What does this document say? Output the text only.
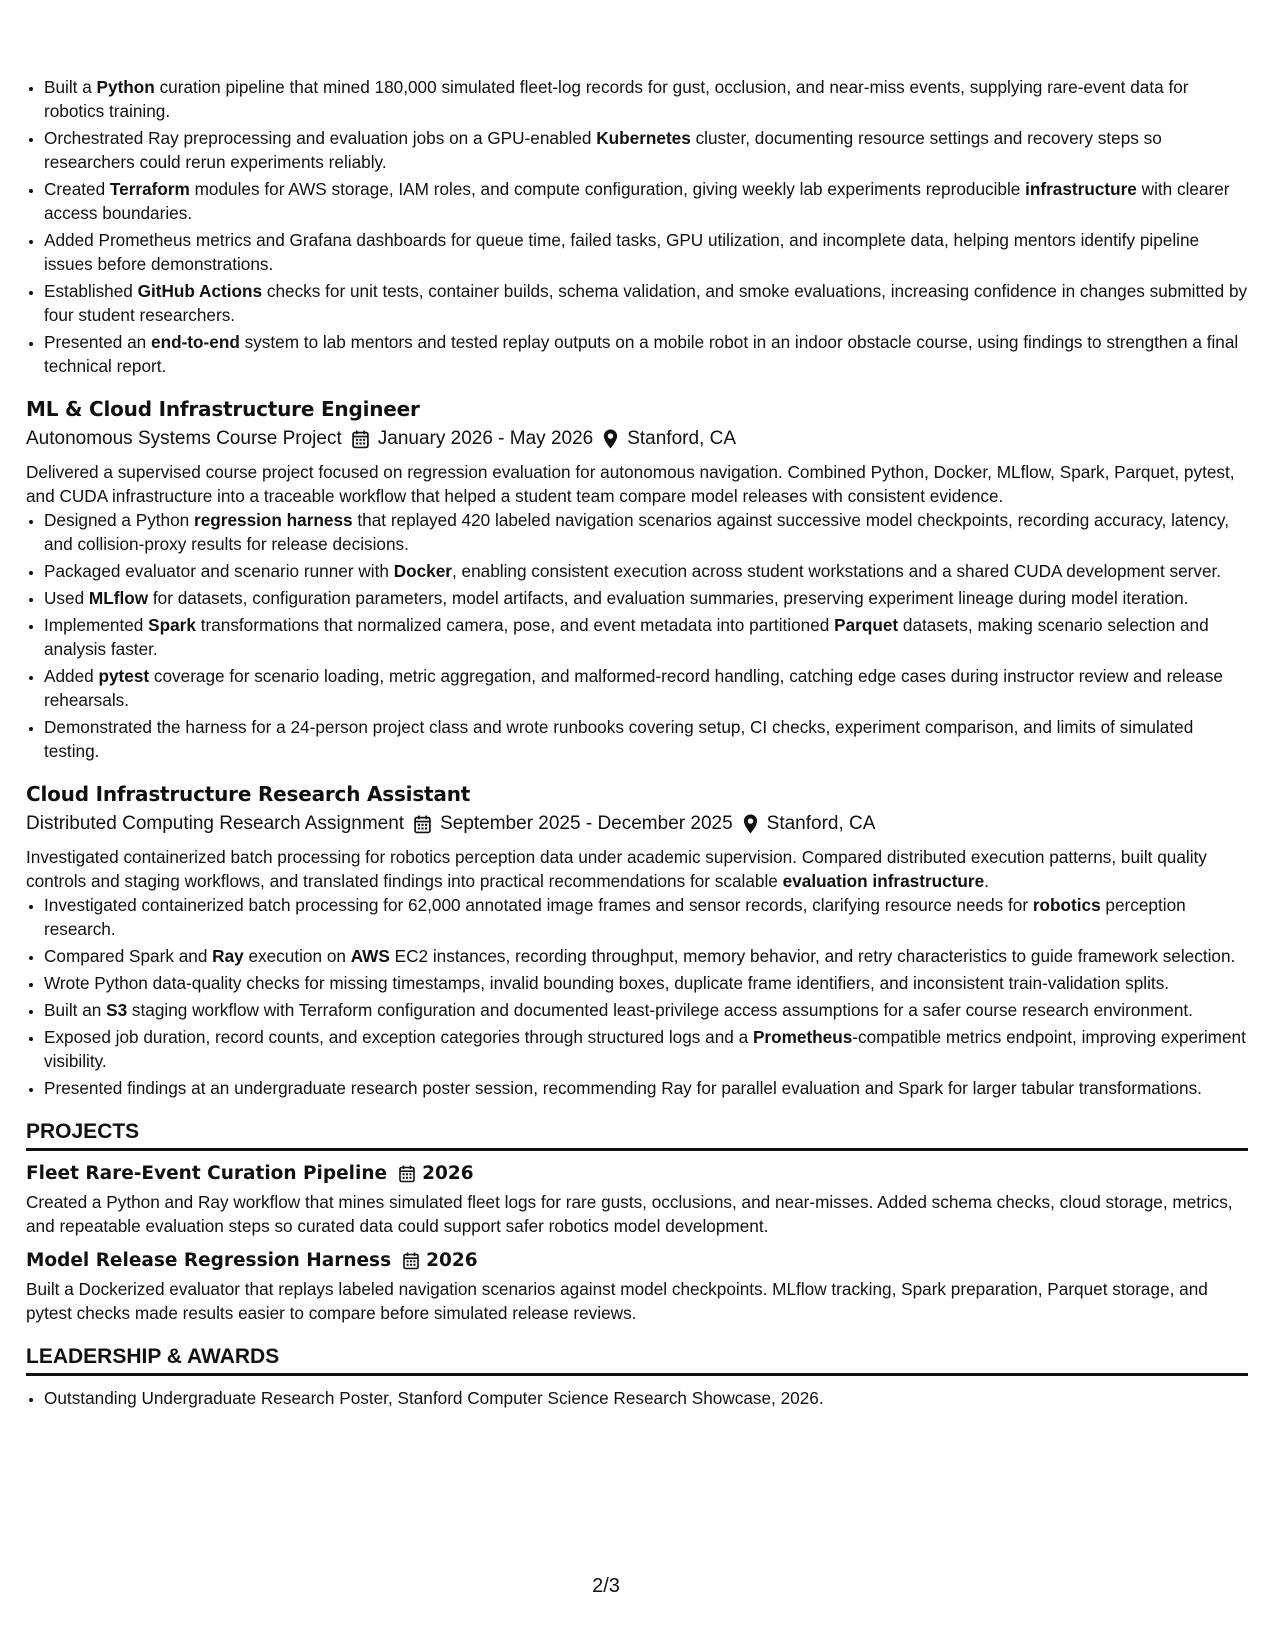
• Built a Python curation pipeline that mined 180,000 simulated fleet-log records for gust, occlusion, and near-miss events, supplying rare-event data for robotics training.
• Orchestrated Ray preprocessing and evaluation jobs on a GPU-enabled Kubernetes cluster, documenting resource settings and recovery steps so researchers could rerun experiments reliably.
• Created Terraform modules for AWS storage, IAM roles, and compute configuration, giving weekly lab experiments reproducible infrastructure with clearer access boundaries.
• Added Prometheus metrics and Grafana dashboards for queue time, failed tasks, GPU utilization, and incomplete data, helping mentors identify pipeline issues before demonstrations.
• Established GitHub Actions checks for unit tests, container builds, schema validation, and smoke evaluations, increasing confidence in changes submitted by four student researchers.
• Presented an end-to-end system to lab mentors and tested replay outputs on a mobile robot in an indoor obstacle course, using findings to strengthen a final technical report.
ML & Cloud Infrastructure Engineer
Autonomous Systems Course Project January 2026 - May 2026 Stanford, CA
Delivered a supervised course project focused on regression evaluation for autonomous navigation. Combined Python, Docker, MLflow, Spark, Parquet, pytest, and CUDA infrastructure into a traceable workflow that helped a student team compare model releases with consistent evidence.
• Designed a Python regression harness that replayed 420 labeled navigation scenarios against successive model checkpoints, recording accuracy, latency, and collision-proxy results for release decisions.
• Packaged evaluator and scenario runner with Docker, enabling consistent execution across student workstations and a shared CUDA development server.
• Used MLflow for datasets, configuration parameters, model artifacts, and evaluation summaries, preserving experiment lineage during model iteration.
• Implemented Spark transformations that normalized camera, pose, and event metadata into partitioned Parquet datasets, making scenario selection and analysis faster.
• Added pytest coverage for scenario loading, metric aggregation, and malformed-record handling, catching edge cases during instructor review and release rehearsals.
• Demonstrated the harness for a 24-person project class and wrote runbooks covering setup, CI checks, experiment comparison, and limits of simulated testing.
Cloud Infrastructure Research Assistant
Distributed Computing Research Assignment September 2025 - December 2025 Stanford, CA
Investigated containerized batch processing for robotics perception data under academic supervision. Compared distributed execution patterns, built quality controls and staging workflows, and translated findings into practical recommendations for scalable evaluation infrastructure.
• Investigated containerized batch processing for 62,000 annotated image frames and sensor records, clarifying resource needs for robotics perception research.
• Compared Spark and Ray execution on AWS EC2 instances, recording throughput, memory behavior, and retry characteristics to guide framework selection.
• Wrote Python data-quality checks for missing timestamps, invalid bounding boxes, duplicate frame identifiers, and inconsistent train-validation splits.
• Built an S3 staging workflow with Terraform configuration and documented least-privilege access assumptions for a safer course research environment.
• Exposed job duration, record counts, and exception categories through structured logs and a Prometheus-compatible metrics endpoint, improving experiment visibility.
• Presented findings at an undergraduate research poster session, recommending Ray for parallel evaluation and Spark for larger tabular transformations.
PROJECTS
Fleet Rare-Event Curation Pipeline 2026
Created a Python and Ray workflow that mines simulated fleet logs for rare gusts, occlusions, and near-misses. Added schema checks, cloud storage, metrics, and repeatable evaluation steps so curated data could support safer robotics model development.
Model Release Regression Harness 2026
Built a Dockerized evaluator that replays labeled navigation scenarios against model checkpoints. MLflow tracking, Spark preparation, Parquet storage, and pytest checks made results easier to compare before simulated release reviews.
LEADERSHIP & AWARDS
• Outstanding Undergraduate Research Poster, Stanford Computer Science Research Showcase, 2026.
2/3
